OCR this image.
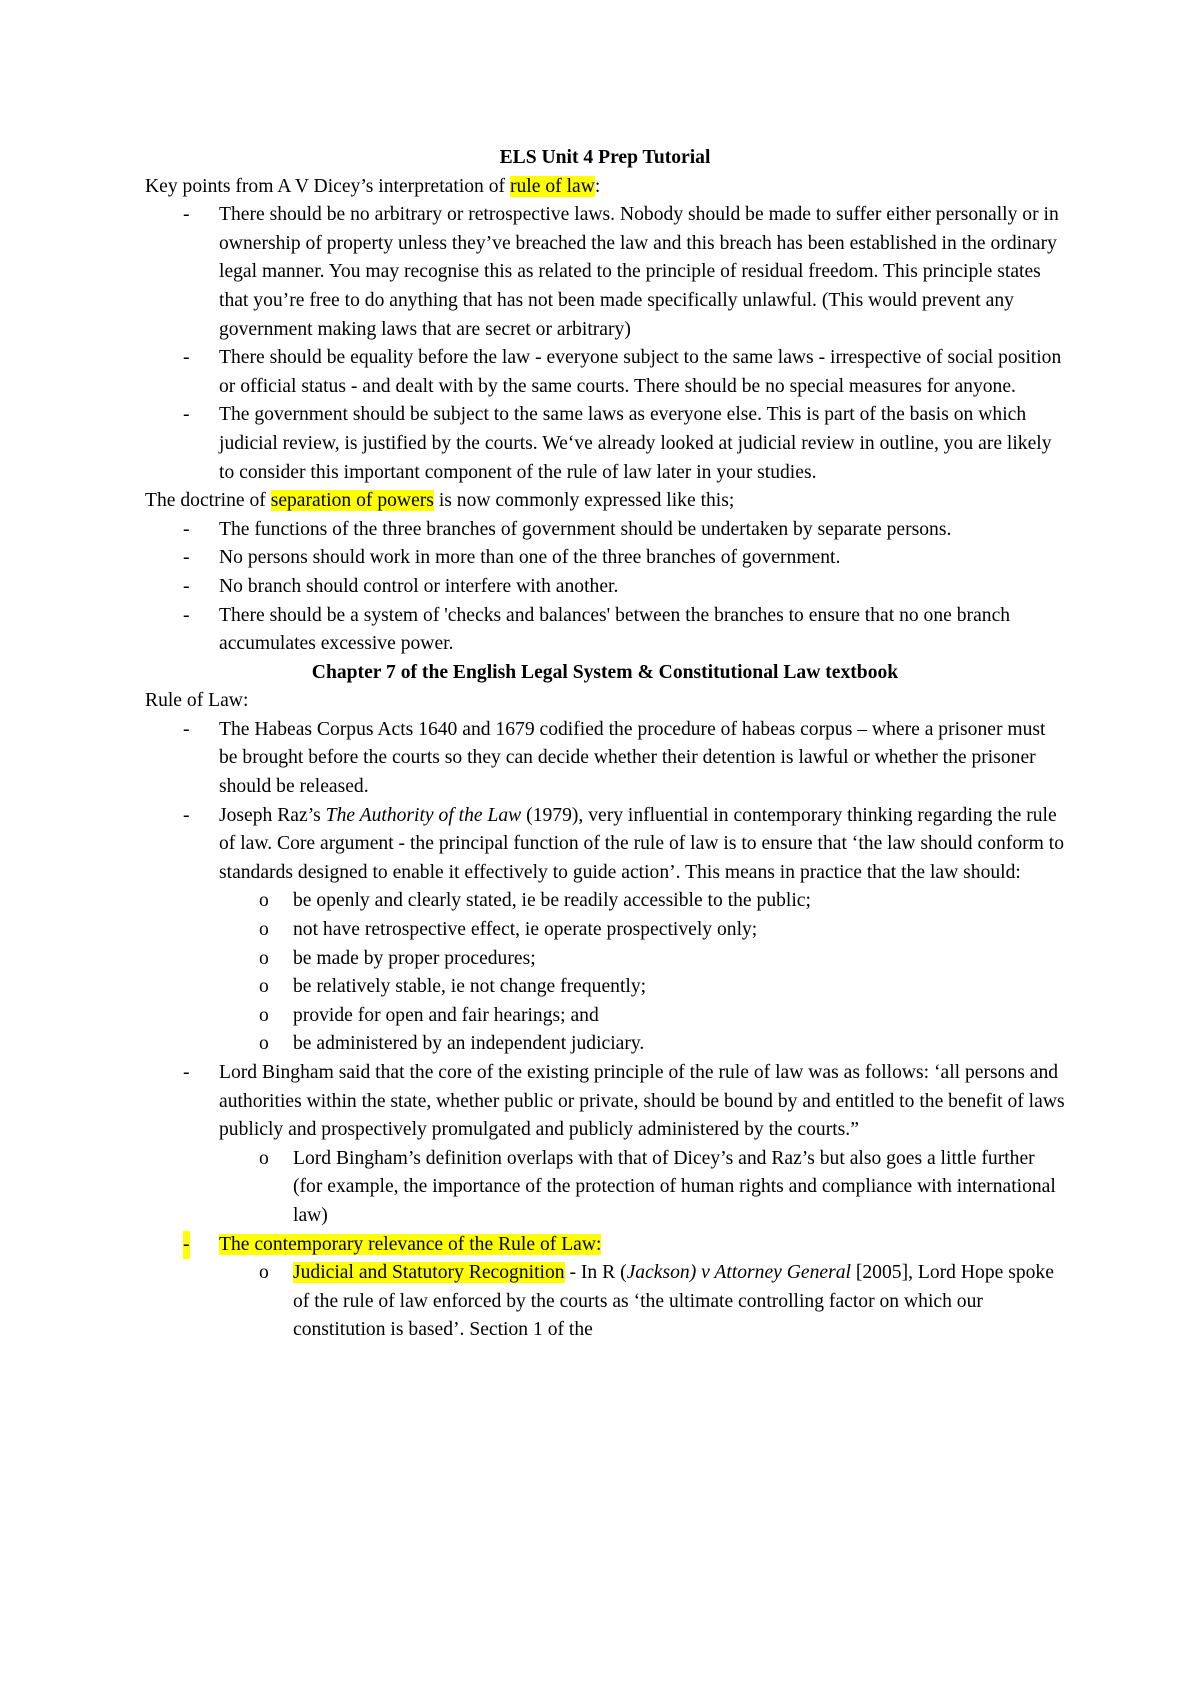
ELS Unit 4 Prep Tutorial

Key points from A V Dicey’s interpretation of rule of law:

- There should be no arbitrary or retrospective laws. Nobody should be made to suffer either personally or in ownership of property unless they’ve breached the law and this breach has been established in the ordinary legal manner. You may recognise this as related to the principle of residual freedom. This principle states that you’re free to do anything that has not been made specifically unlawful. (This would prevent any government making laws that are secret or arbitrary)
- There should be equality before the law - everyone subject to the same laws - irrespective of social position or official status - and dealt with by the same courts. There should be no special measures for anyone.
- The government should be subject to the same laws as everyone else. This is part of the basis on which judicial review, is justified by the courts. We‘ve already looked at judicial review in outline, you are likely to consider this important component of the rule of law later in your studies.

The doctrine of separation of powers is now commonly expressed like this;

- The functions of the three branches of government should be undertaken by separate persons.
- No persons should work in more than one of the three branches of government.
- No branch should control or interfere with another.
- There should be a system of 'checks and balances' between the branches to ensure that no one branch accumulates excessive power.

Chapter 7 of the English Legal System & Constitutional Law textbook

Rule of Law:

- The Habeas Corpus Acts 1640 and 1679 codified the procedure of habeas corpus – where a prisoner must be brought before the courts so they can decide whether their detention is lawful or whether the prisoner should be released.
- Joseph Raz’s The Authority of the Law (1979), very influential in contemporary thinking regarding the rule of law. Core argument - the principal function of the rule of law is to ensure that ‘the law should conform to standards designed to enable it effectively to guide action’. This means in practice that the law should:
o be openly and clearly stated, ie be readily accessible to the public;
o not have retrospective effect, ie operate prospectively only;
o be made by proper procedures;
o be relatively stable, ie not change frequently;
o provide for open and fair hearings; and
o be administered by an independent judiciary.
- Lord Bingham said that the core of the existing principle of the rule of law was as follows: ‘all persons and authorities within the state, whether public or private, should be bound by and entitled to the benefit of laws publicly and prospectively promulgated and publicly administered by the courts.”
o Lord Bingham’s definition overlaps with that of Dicey’s and Raz’s but also goes a little further (for example, the importance of the protection of human rights and compliance with international law)
- The contemporary relevance of the Rule of Law:
o Judicial and Statutory Recognition - In R (Jackson) v Attorney General [2005], Lord Hope spoke of the rule of law enforced by the courts as ‘the ultimate controlling factor on which our constitution is based’. Section 1 of the
